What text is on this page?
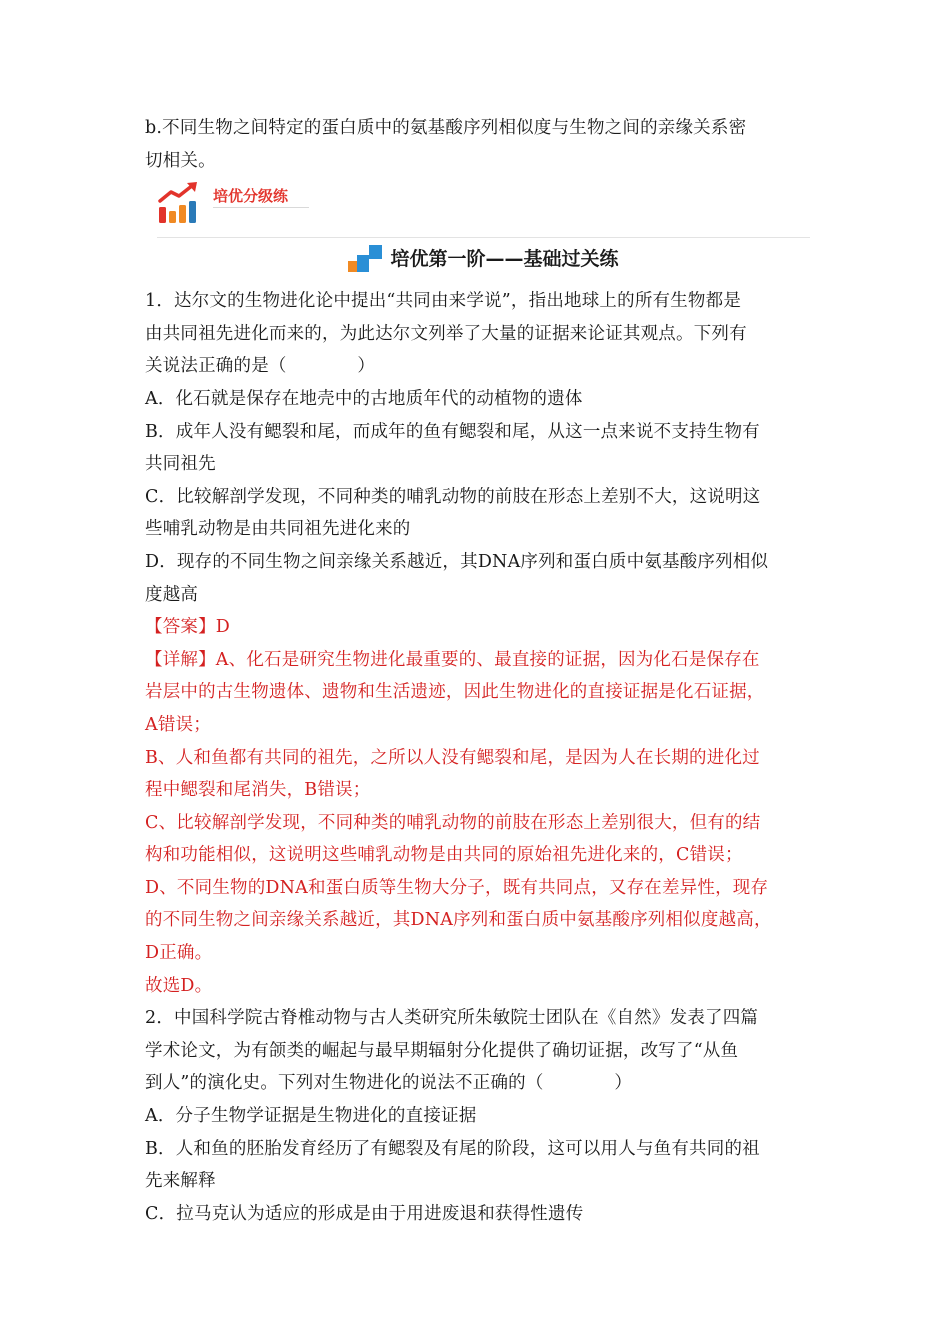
b.不同生物之间特定的蛋白质中的氨基酸序列相似度与生物之间的亲缘关系密
切相关。
培优分级练
培优第一阶——基础过关练
1．达尔文的生物进化论中提出“共同由来学说”，指出地球上的所有生物都是
由共同祖先进化而来的，为此达尔文列举了大量的证据来论证其观点。下列有
关说法正确的是（　　　　）
A．化石就是保存在地壳中的古地质年代的动植物的遗体
B．成年人没有鳃裂和尾，而成年的鱼有鳃裂和尾，从这一点来说不支持生物有
共同祖先
C．比较解剖学发现，不同种类的哺乳动物的前肢在形态上差别不大，这说明这
些哺乳动物是由共同祖先进化来的
D．现存的不同生物之间亲缘关系越近，其DNA序列和蛋白质中氨基酸序列相似
度越高
【答案】D
【详解】A、化石是研究生物进化最重要的、最直接的证据，因为化石是保存在
岩层中的古生物遗体、遗物和生活遗迹，因此生物进化的直接证据是化石证据，
A错误；
B、人和鱼都有共同的祖先，之所以人没有鳃裂和尾，是因为人在长期的进化过
程中鳃裂和尾消失，B错误；
C、比较解剖学发现，不同种类的哺乳动物的前肢在形态上差别很大，但有的结
构和功能相似，这说明这些哺乳动物是由共同的原始祖先进化来的，C错误；
D、不同生物的DNA和蛋白质等生物大分子，既有共同点，又存在差异性，现存
的不同生物之间亲缘关系越近，其DNA序列和蛋白质中氨基酸序列相似度越高，
D正确。
故选D。
2．中国科学院古脊椎动物与古人类研究所朱敏院士团队在《自然》发表了四篇
学术论文，为有颌类的崛起与最早期辐射分化提供了确切证据，改写了“从鱼
到人”的演化史。下列对生物进化的说法不正确的（　　　　）
A．分子生物学证据是生物进化的直接证据
B．人和鱼的胚胎发育经历了有鳃裂及有尾的阶段，这可以用人与鱼有共同的祖
先来解释
C．拉马克认为适应的形成是由于用进废退和获得性遗传
